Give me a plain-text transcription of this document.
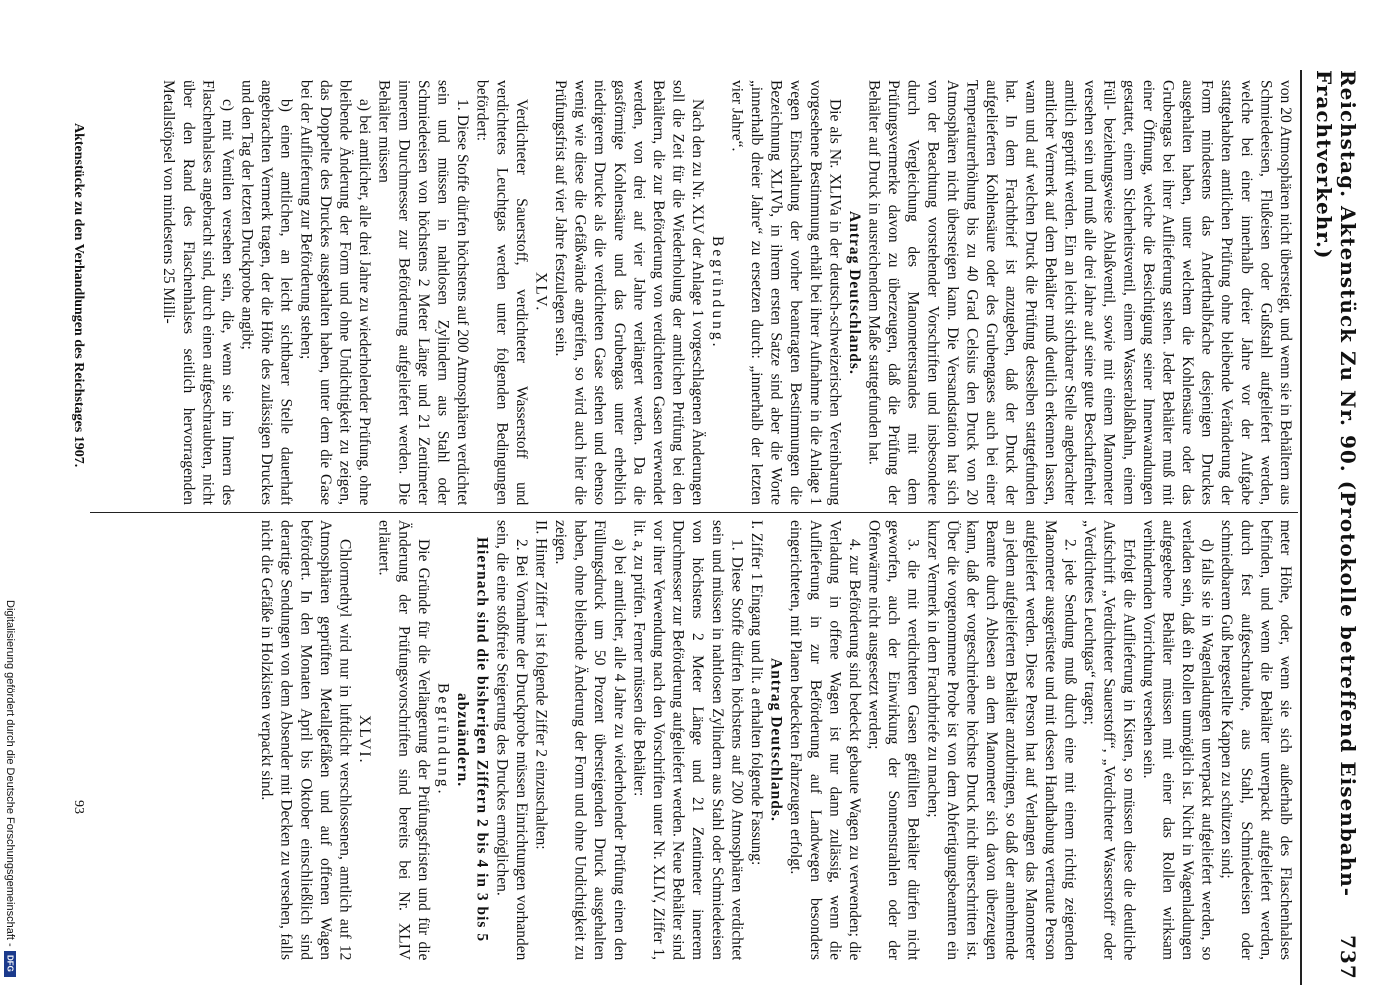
Reichstag. Aktenstück Zu Nr. 90. (Protokolle betreffend Eisenbahn-Frachtverkehr.)
737

von 20 Atmosphären nicht übersteigt, und wenn sie in Behältern aus Schmiedeeisen, Flußeisen oder Gußstahl aufgeliefert werden, welche bei einer innerhalb dreier Jahre vor der Aufgabe stattgehabten amtlichen Prüfung ohne bleibende Veränderung der Form mindestens das Anderthalbfache desjenigen Druckes ausgehalten haben, unter welchem die Kohlensäure oder das Grubengas bei ihrer Auflieferung stehen. Jeder Behälter muß mit einer Öffnung, welche die Besichtigung seiner Innenwandungen gestattet, einem Sicherheitsventil, einem Wasserablaßhahn, einem Füll- beziehungsweise Ablaßventil, sowie mit einem Manometer versehen sein und muß alle drei Jahre auf seine gute Beschaffenheit amtlich geprüft werden. Ein an leicht sichtbarer Stelle angebrachter amtlicher Vermerk auf dem Behälter muß deutlich erkennen lassen, wann und auf welchen Druck die Prüfung desselben stattgefunden hat. In dem Frachtbrief ist anzugeben, daß der Druck der aufgelieferten Kohlensäure oder des Grubengases auch bei einer Temperaturerhöhung bis zu 40 Grad Celsius den Druck von 20 Atmosphären nicht übersteigen kann. Die Versandstation hat sich von der Beachtung vorstehender Vorschriften und insbesondere durch Vergleichung des Manometerstandes mit dem Prüfungsvermerke davon zu überzeugen, daß die Prüfung der Behälter auf Druck in ausreichendem Maße stattgefunden hat.

Antrag Deutschlands.

Die als Nr. XLIVa in der deutsch-schweizerischen Vereinbarung vorgesehene Bestimmung erhält bei ihrer Aufnahme in die Anlage 1 wegen Einschaltung der vorher beantragten Bestimmungen die Bezeichnung XLIVb, in ihrem ersten Satze sind aber die Worte „innerhalb dreier Jahre“ zu ersetzen durch: „innerhalb der letzten vier Jahre“.

Begründung.

Nach den zu Nr. XLV der Anlage 1 vorgeschlagenen Änderungen soll die Zeit für die Wiederholung der amtlichen Prüfung bei den Behältern, die zur Beförderung von verdichteten Gasen verwendet werden, von drei auf vier Jahre verlängert werden. Da die gasförmige Kohlensäure und das Grubengas unter erheblich niedrigerem Drucke als die verdichteten Gase stehen und ebenso wenig wie diese die Gefäßwände angreifen, so wird auch hier die Prüfungsfrist auf vier Jahre festzulegen sein.

XLV.

Verdichteter Sauerstoff, verdichteter Wasserstoff und verdichtetes Leuchtgas werden unter folgenden Bedingungen befördert:

1. Diese Stoffe dürfen höchstens auf 200 Atmosphären verdichtet sein und müssen in nahtlosen Zylindern aus Stahl oder Schmiedeeisen von höchstens 2 Meter Länge und 21 Zentimeter innerem Durchmesser zur Beförderung aufgeliefert werden. Die Behälter müssen

a) bei amtlicher, alle drei Jahre zu wiederholender Prüfung, ohne bleibende Änderung der Form und ohne Undichtigkeit zu zeigen, das Doppelte des Druckes ausgehalten haben, unter dem die Gase bei der Auflieferung zur Beförderung stehen;

b) einen amtlichen, an leicht sichtbarer Stelle dauerhaft angebrachten Vermerk tragen, der die Höhe des zulässigen Druckes und den Tag der letzten Druckprobe angibt;

c) mit Ventilen versehen sein, die, wenn sie im Innern des Flaschenhalses angebracht sind, durch einen aufgeschraubten, nicht über den Rand des Flaschenhalses seitlich hervorragenden Metallstöpsel von mindestens 25 Milli-

meter Höhe, oder, wenn sie sich außerhalb des Flaschenhalses befinden, und wenn die Behälter unverpackt aufgeliefert werden, durch fest aufgeschraubte, aus Stahl, Schmiedeeisen oder schmiedbarem Guß hergestellte Kappen zu schützen sind;

d) falls sie in Wagenladungen unverpackt aufgeliefert werden, so verladen sein, daß ein Rollen unmöglich ist. Nicht in Wagenladungen aufgegebene Behälter müssen mit einer das Rollen wirksam verhindernden Vorrichtung versehen sein.

Erfolgt die Auflieferung in Kisten, so müssen diese die deutliche Aufschrift „Verdichteter Sauerstoff“, „Verdichteter Wasserstoff“ oder „Verdichtetes Leuchtgas“ tragen;

2. jede Sendung muß durch eine mit einem richtig zeigenden Manometer ausgerüstete und mit dessen Handhabung vertraute Person aufgeliefert werden. Diese Person hat auf Verlangen das Manometer an jedem aufgelieferten Behälter anzubringen, so daß der annehmende Beamte durch Ablesen an dem Manometer sich davon überzeugen kann, daß der vorgeschriebene höchste Druck nicht überschritten ist. Über die vorgenommene Probe ist von dem Abfertigungsbeamten ein kurzer Vermerk in dem Frachtbriefe zu machen;

3. die mit verdichteten Gasen gefüllten Behälter dürfen nicht geworfen, auch der Einwirkung der Sonnenstrahlen oder der Ofenwärme nicht ausgesetzt werden;

4. zur Beförderung sind bedeckt gebaute Wagen zu verwenden; die Verladung in offene Wagen ist nur dann zulässig, wenn die Auflieferung in zur Beförderung auf Landwegen besonders eingerichteten, mit Planen bedeckten Fahrzeugen erfolgt.

Antrag Deutschlands.

I. Ziffer 1 Eingang und lit. a erhalten folgende Fassung:

1. Diese Stoffe dürfen höchstens auf 200 Atmosphären verdichtet sein und müssen in nahtlosen Zylindern aus Stahl oder Schmiedeeisen von höchstens 2 Meter Länge und 21 Zentimeter innerem Durchmesser zur Beförderung aufgeliefert werden. Neue Behälter sind vor ihrer Verwendung nach den Vorschriften unter Nr. XLIV, Ziffer 1, lit. a, zu prüfen. Ferner müssen die Behälter:

a) bei amtlicher, alle 4 Jahre zu wiederholender Prüfung einen den Füllungsdruck um 50 Prozent übersteigenden Druck ausgehalten haben, ohne bleibende Änderung der Form und ohne Undichtigkeit zu zeigen.

II. Hinter Ziffer 1 ist folgende Ziffer 2 einzuschalten:

2. Bei Vornahme der Druckprobe müssen Einrichtungen vorhanden sein, die eine stoßfreie Steigerung des Druckes ermöglichen.

Hiernach sind die bisherigen Ziffern 2 bis 4 in 3 bis 5 abzuändern.

Begründung.

Die Gründe für die Verlängerung der Prüfungsfristen und für die Änderung der Prüfungsvorschriften sind bereits bei Nr. XLIV erläutert.

XLVI.

Chlormethyl wird nur in luftdicht verschlossenen, amtlich auf 12 Atmosphären geprüften Metallgefäßen und auf offenen Wagen befördert. In den Monaten April bis Oktober einschließlich sind derartige Sendungen von dem Absender mit Decken zu versehen, falls nicht die Gefäße in Holzkisten verpackt sind.

Aktenstücke zu den Verhandlungen des Reichstages 1907.
93
Digitalisierung gefördert durch die Deutsche Forschungsgemeinschaft -
DFG
